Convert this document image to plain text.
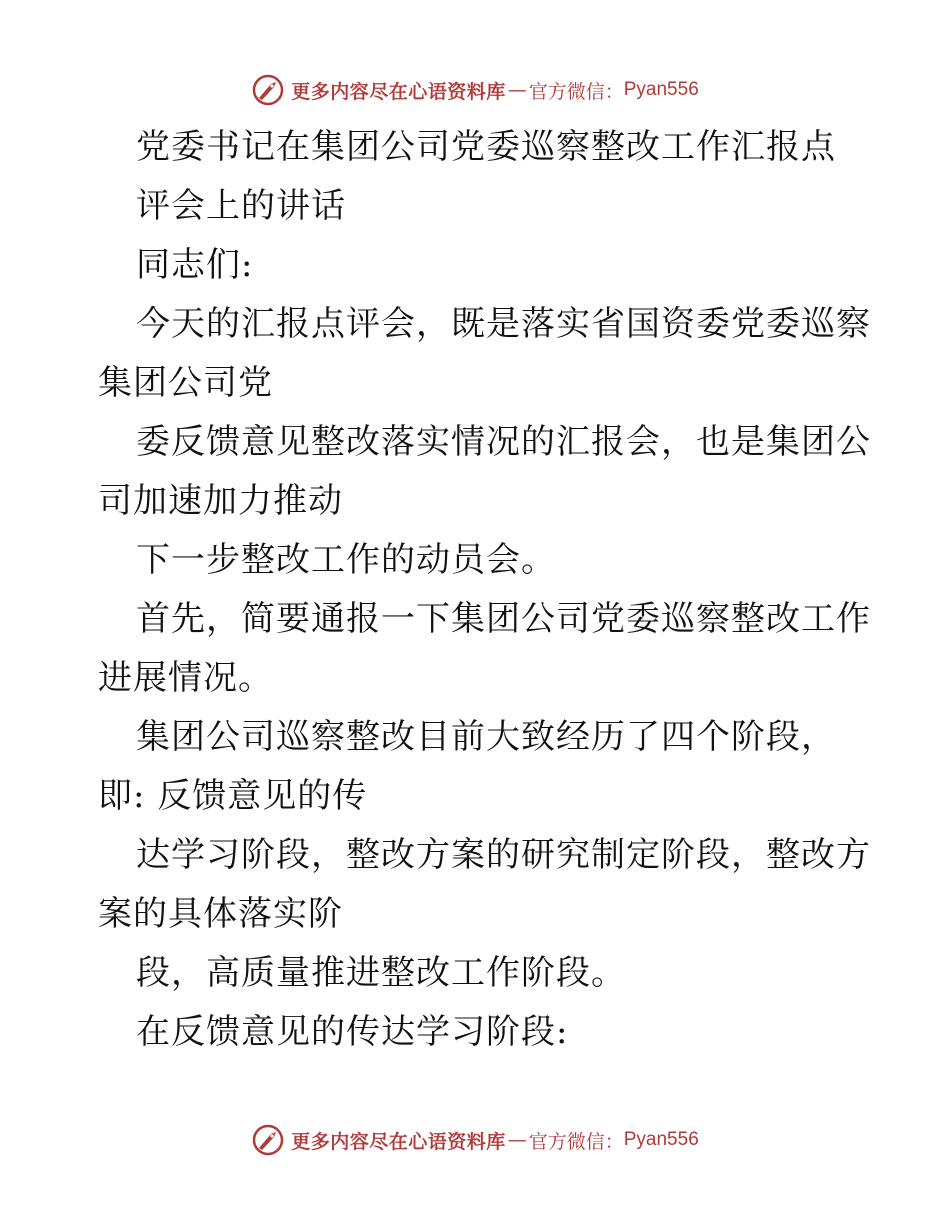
更多内容尽在心语资料库 — 官方微信： Pyan556
党委书记在集团公司党委巡察整改工作汇报点
评会上的讲话
同志们:
今天的汇报点评会，既是落实省国资委党委巡察
集团公司党
委反馈意见整改落实情况的汇报会，也是集团公
司加速加力推动
下一步整改工作的动员会。
首先，简要通报一下集团公司党委巡察整改工作
进展情况。
集团公司巡察整改目前大致经历了四个阶段，
即: 反馈意见的传
达学习阶段，整改方案的研究制定阶段，整改方
案的具体落实阶
段，高质量推进整改工作阶段。
在反馈意见的传达学习阶段:
更多内容尽在心语资料库 — 官方微信： Pyan556
